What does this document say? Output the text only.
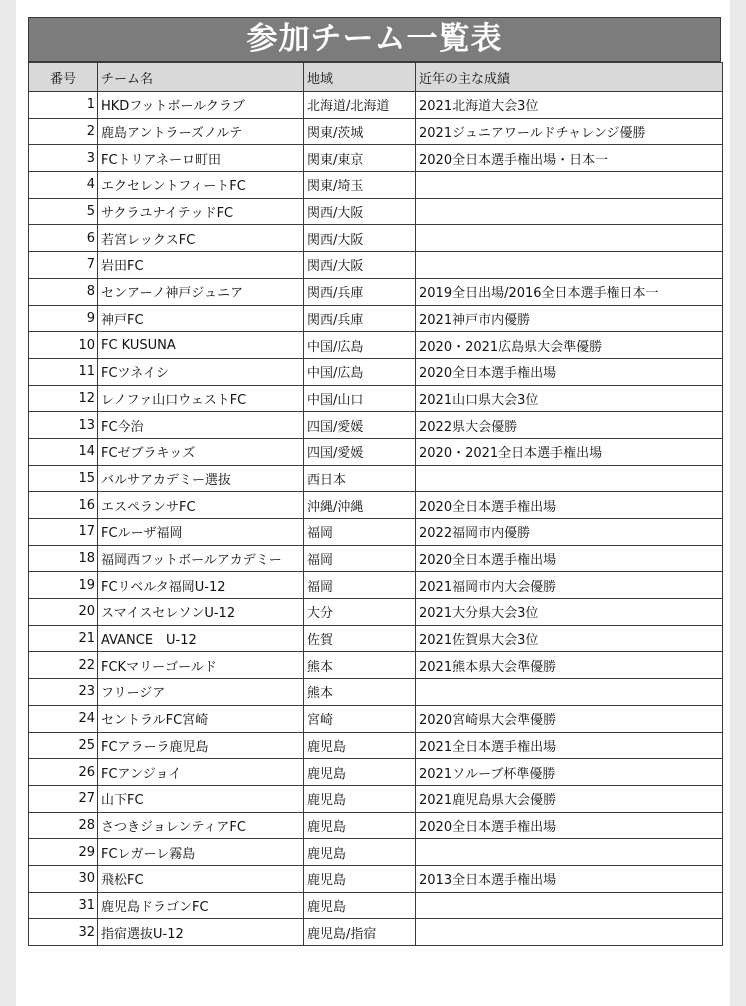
参加チーム一覧表
番号	チーム名	地域	近年の主な成績
1	HKDフットボールクラブ	北海道/北海道	2021北海道大会3位
2	鹿島アントラーズノルテ	関東/茨城	2021ジュニアワールドチャレンジ優勝
3	FCトリアネーロ町田	関東/東京	2020全日本選手権出場・日本一
4	エクセレントフィートFC	関東/埼玉	
5	サクラユナイテッドFC	関西/大阪	
6	若宮レックスFC	関西/大阪	
7	岩田FC	関西/大阪	
8	センアーノ神戸ジュニア	関西/兵庫	2019全日出場/2016全日本選手権日本一
9	神戸FC	関西/兵庫	2021神戸市内優勝
10	FC KUSUNA	中国/広島	2020・2021広島県大会準優勝
11	FCツネイシ	中国/広島	2020全日本選手権出場
12	レノファ山口ウェストFC	中国/山口	2021山口県大会3位
13	FC今治	四国/愛媛	2022県大会優勝
14	FCゼブラキッズ	四国/愛媛	2020・2021全日本選手権出場
15	バルサアカデミー選抜	西日本	
16	エスペランサFC	沖縄/沖縄	2020全日本選手権出場
17	FCルーザ福岡	福岡	2022福岡市内優勝
18	福岡西フットボールアカデミー	福岡	2020全日本選手権出場
19	FCリベルタ福岡U-12	福岡	2021福岡市内大会優勝
20	スマイスセレソンU-12	大分	2021大分県大会3位
21	AVANCE　U-12	佐賀	2021佐賀県大会3位
22	FCKマリーゴールド	熊本	2021熊本県大会準優勝
23	フリージア	熊本	
24	セントラルFC宮崎	宮崎	2020宮崎県大会準優勝
25	FCアラーラ鹿児島	鹿児島	2021全日本選手権出場
26	FCアンジョイ	鹿児島	2021ソルーブ杯準優勝
27	山下FC	鹿児島	2021鹿児島県大会優勝
28	さつきジョレンティアFC	鹿児島	2020全日本選手権出場
29	FCレガーレ霧島	鹿児島	
30	飛松FC	鹿児島	2013全日本選手権出場
31	鹿児島ドラゴンFC	鹿児島	
32	指宿選抜U-12	鹿児島/指宿	
